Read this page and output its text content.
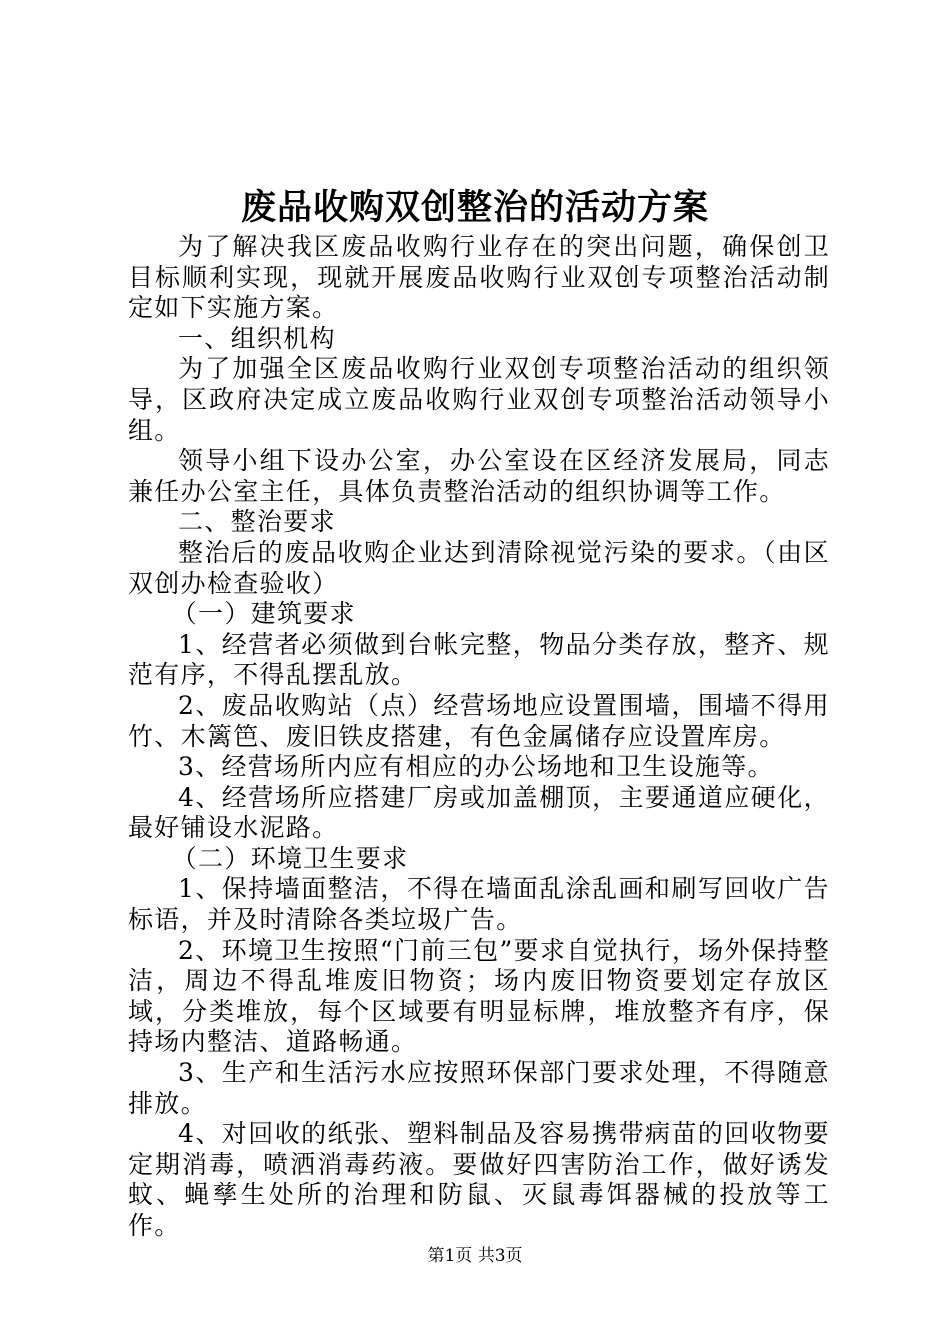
废品收购双创整治的活动方案

为了解决我区废品收购行业存在的突出问题，确保创卫目标顺利实现，现就开展废品收购行业双创专项整治活动制定如下实施方案。

一、组织机构

为了加强全区废品收购行业双创专项整治活动的组织领导，区政府决定成立废品收购行业双创专项整治活动领导小组。

领导小组下设办公室，办公室设在区经济发展局，同志兼任办公室主任，具体负责整治活动的组织协调等工作。

二、整治要求

整治后的废品收购企业达到清除视觉污染的要求。（由区双创办检查验收）

（一）建筑要求

1、经营者必须做到台帐完整，物品分类存放，整齐、规范有序，不得乱摆乱放。

2、废品收购站（点）经营场地应设置围墙，围墙不得用竹、木篱笆、废旧铁皮搭建，有色金属储存应设置库房。

3、经营场所内应有相应的办公场地和卫生设施等。

4、经营场所应搭建厂房或加盖棚顶，主要通道应硬化，最好铺设水泥路。

（二）环境卫生要求

1、保持墙面整洁，不得在墙面乱涂乱画和刷写回收广告标语，并及时清除各类垃圾广告。

2、环境卫生按照“门前三包”要求自觉执行，场外保持整洁，周边不得乱堆废旧物资；场内废旧物资要划定存放区域，分类堆放，每个区域要有明显标牌，堆放整齐有序，保持场内整洁、道路畅通。

3、生产和生活污水应按照环保部门要求处理，不得随意排放。

4、对回收的纸张、塑料制品及容易携带病苗的回收物要定期消毒，喷洒消毒药液。要做好四害防治工作，做好诱发蚊、蝇孳生处所的治理和防鼠、灭鼠毒饵器械的投放等工作。

第1页 共3页
